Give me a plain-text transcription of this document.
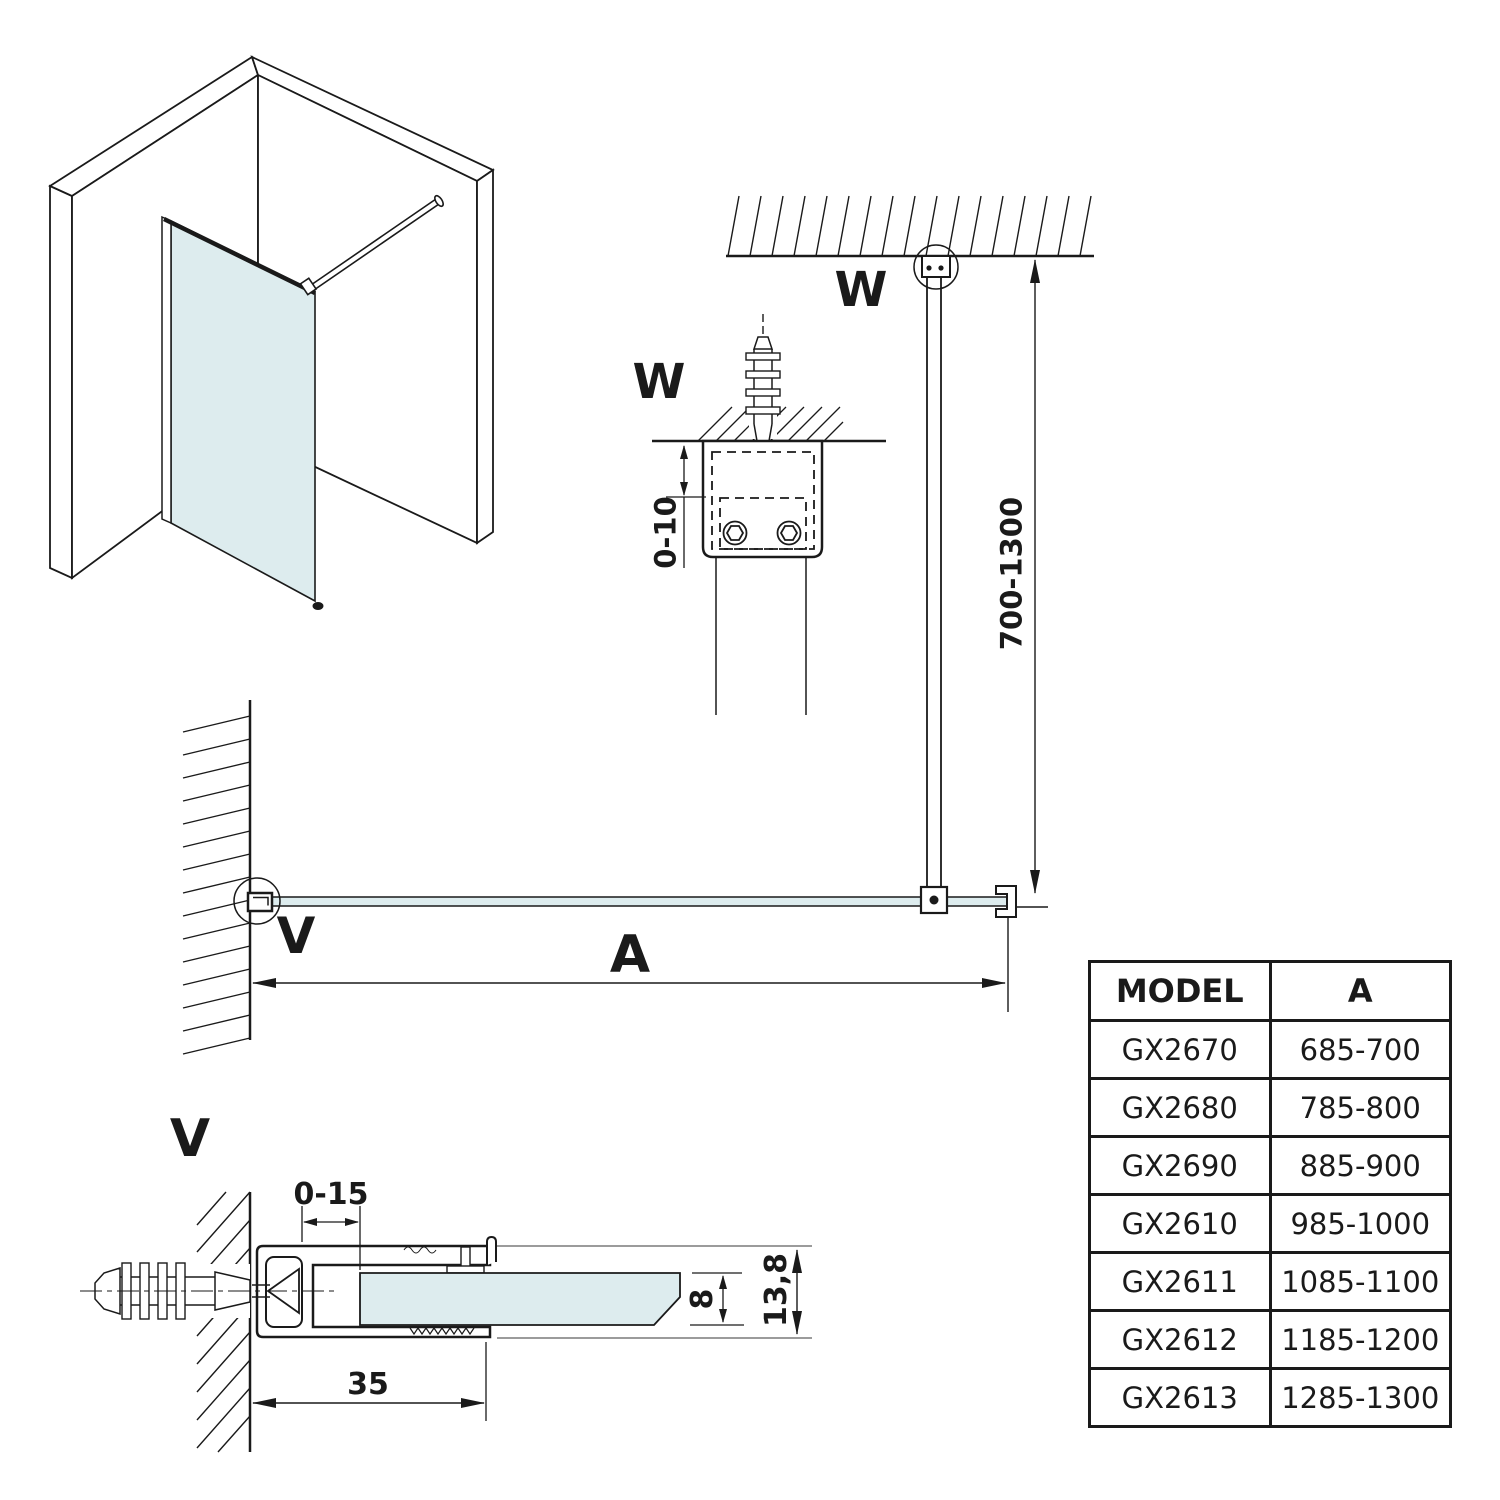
V
W
W
V
A
700-1300
0-10
0-15
35
8 13,8
MODEL	A
GX2670	685-700
GX2680	785-800
GX2690	885-900
GX2610	985-1000
GX2611	1085-1100
GX2612	1185-1200
GX2613	1285-1300
